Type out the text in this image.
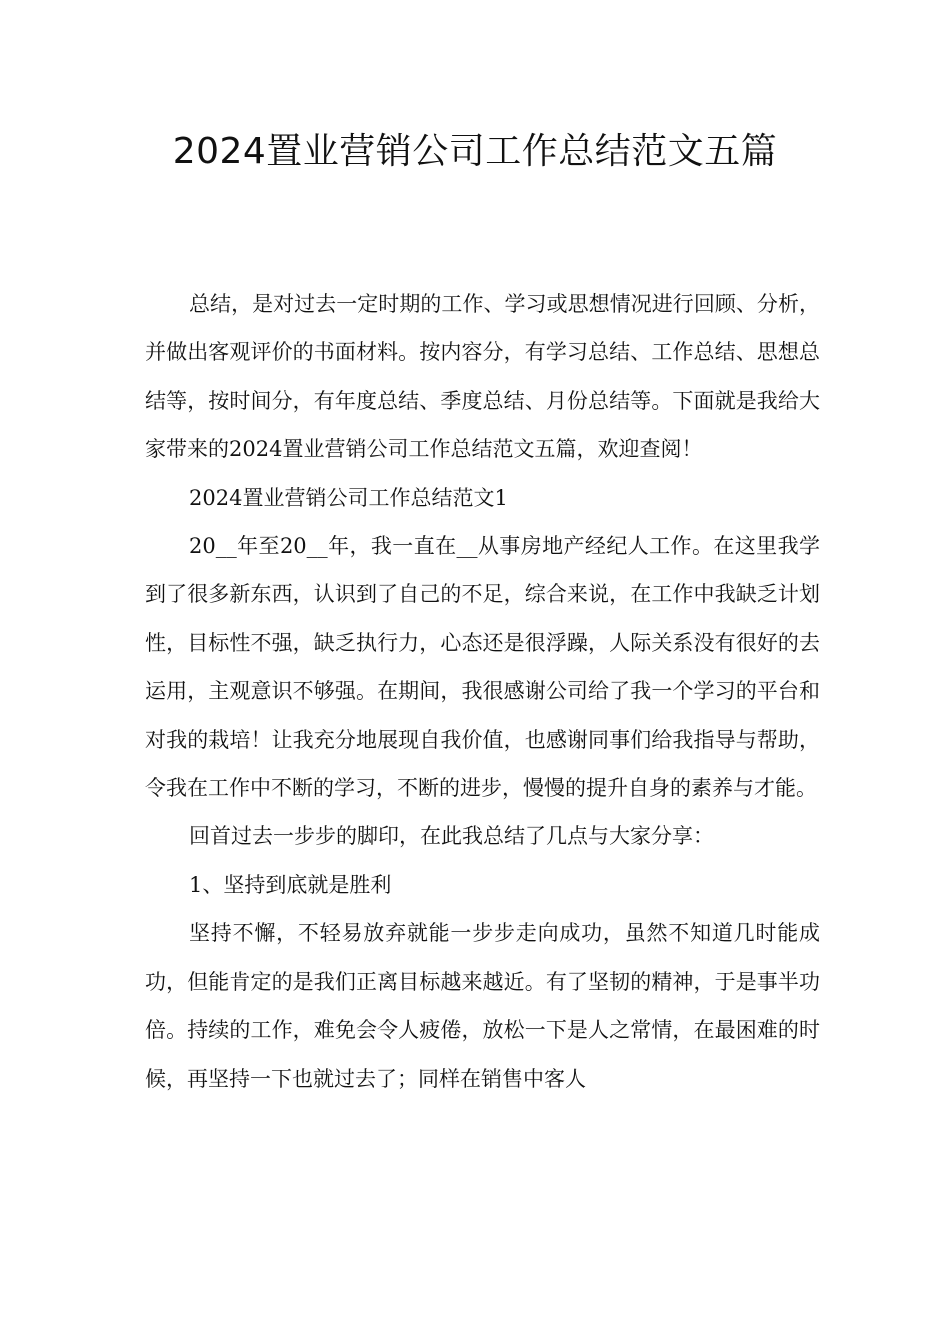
2024置业营销公司工作总结范文五篇

总结，是对过去一定时期的工作、学习或思想情况进行回顾、分析，并做出客观评价的书面材料。按内容分，有学习总结、工作总结、思想总结等，按时间分，有年度总结、季度总结、月份总结等。下面就是我给大家带来的2024置业营销公司工作总结范文五篇，欢迎查阅！

2024置业营销公司工作总结范文1

20__年至20__年，我一直在__从事房地产经纪人工作。在这里我学到了很多新东西，认识到了自己的不足，综合来说，在工作中我缺乏计划性，目标性不强，缺乏执行力，心态还是很浮躁，人际关系没有很好的去运用，主观意识不够强。在期间，我很感谢公司给了我一个学习的平台和对我的栽培！让我充分地展现自我价值，也感谢同事们给我指导与帮助，令我在工作中不断的学习，不断的进步，慢慢的提升自身的素养与才能。

回首过去一步步的脚印，在此我总结了几点与大家分享：

1、坚持到底就是胜利

坚持不懈，不轻易放弃就能一步步走向成功，虽然不知道几时能成功，但能肯定的是我们正离目标越来越近。有了坚韧的精神，于是事半功倍。持续的工作，难免会令人疲倦，放松一下是人之常情，在最困难的时候，再坚持一下也就过去了；同样在销售中客人
